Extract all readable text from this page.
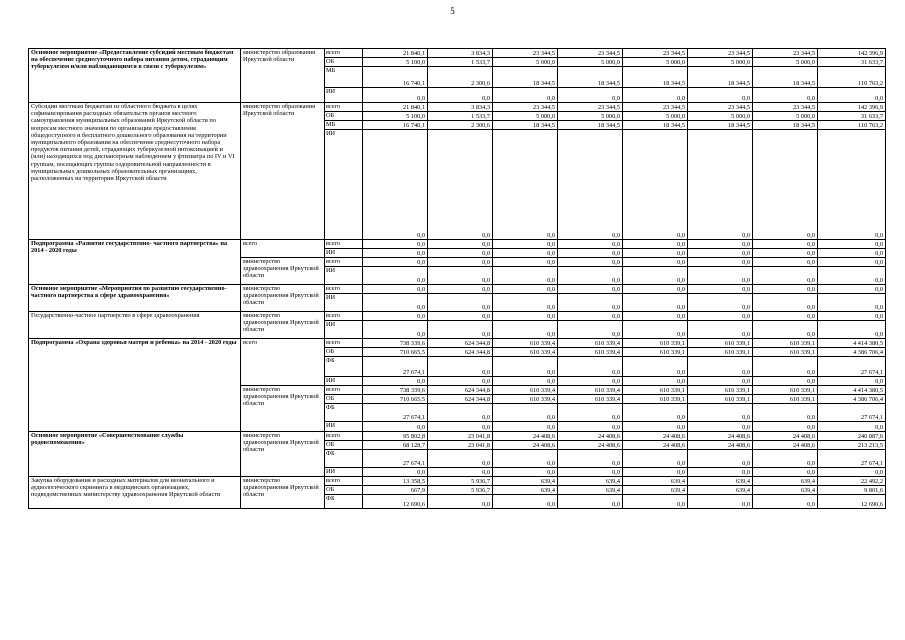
5
Основное мероприятие «Предоставление субсидий местным бюджетам на обеспечение среднесуточного набора питания детям, страдающим туберкулезом и/или наблюдающимся в связи с туберкулезом»	министерство образования Иркутской области	всего	21 840,1	3 834,3	23 344,5	23 344,5	23 344,5	23 344,5	23 344,5	142 396,9
		ОБ	5 100,0	1 533,7	5 000,0	5 000,0	5 000,0	5 000,0	5 000,0	31 633,7
		МБ	16 740,1	2 300,6	18 344,5	18 344,5	18 344,5	18 344,5	18 344,5	110 763,2
		ИИ	0,0	0,0	0,0	0,0	0,0	0,0	0,0	0,0
Субсидии местным бюджетам из областного бюджета в целях софинансирования расходных обязательств органов местного самоуправления муниципальных образований Иркутской области по вопросам местного значения по организации предоставления общедоступного и бесплатного дошкольного образования на территории муниципального образования на обеспечение среднесуточного набора продуктов питания детей, страдающих туберкулезной интоксикацией и (или) находящихся под диспансерным наблюдением у фтизиатра по IV и VI группам, посещающих группы оздоровительной направленности в муниципальных дошкольных образовательных организациях, расположенных на территории Иркутской области	министерство образования Иркутской области	всего	21 840,1	3 834,3	23 344,5	23 344,5	23 344,5	23 344,5	23 344,5	142 396,9
		ОБ	5 100,0	1 533,7	5 000,0	5 000,0	5 000,0	5 000,0	5 000,0	31 633,7
		МБ	16 740,1	2 300,6	18 344,5	18 344,5	18 344,5	18 344,5	18 344,5	110 763,2
		ИИ	0,0	0,0	0,0	0,0	0,0	0,0	0,0	0,0
Подпрограмма «Развитие государственно- частного партнерства» на 2014 - 2020 годы	всего	всего	0,0	0,0	0,0	0,0	0,0	0,0	0,0	0,0
		ИИ	0,0	0,0	0,0	0,0	0,0	0,0	0,0	0,0
	министерство здравоохранения Иркутской области	всего	0,0	0,0	0,0	0,0	0,0	0,0	0,0	0,0
		ИИ	0,0	0,0	0,0	0,0	0,0	0,0	0,0	0,0
Основное мероприятие «Мероприятия по развитию государственно-частного партнерства в сфере здравоохранения»	министерство здравоохранения Иркутской области	всего	0,0	0,0	0,0	0,0	0,0	0,0	0,0	0,0
		ИИ	0,0	0,0	0,0	0,0	0,0	0,0	0,0	0,0
Государственно-частное партнерство в сфере здравоохранения	министерство здравоохранения Иркутской области	всего	0,0	0,0	0,0	0,0	0,0	0,0	0,0	0,0
		ИИ	0,0	0,0	0,0	0,0	0,0	0,0	0,0	0,0
Подпрограмма «Охрана здоровья матери и ребенка» на 2014 - 2020 годы	всего	всего	738 339,6	624 344,8	610 339,4	610 339,4	610 339,1	610 339,1	610 339,1	4 414 380,5
		ОБ	710 665,5	624 344,8	610 339,4	610 339,4	610 339,1	610 339,1	610 339,1	4 386 706,4
		ФБ	27 674,1	0,0	0,0	0,0	0,0	0,0	0,0	27 674,1
		ИИ	0,0	0,0	0,0	0,0	0,0	0,0	0,0	0,0
	министерство здравоохранения Иркутской области	всего	738 339,6	624 344,8	610 339,4	610 339,4	610 339,1	610 339,1	610 339,1	4 414 380,5
		ОБ	710 665,5	624 344,8	610 339,4	610 339,4	610 339,1	610 339,1	610 339,1	4 386 706,4
		ФБ	27 674,1	0,0	0,0	0,0	0,0	0,0	0,0	27 674,1
		ИИ	0,0	0,0	0,0	0,0	0,0	0,0	0,0	0,0
Основное мероприятие «Совершенствование службы родовспоможения»	министерство здравоохранения Иркутской области	всего	95 802,8	23 041,8	24 408,6	24 408,6	24 408,6	24 408,6	24 408,6	240 887,6
		ОБ	68 128,7	23 041,8	24 408,6	24 408,6	24 408,6	24 408,6	24 408,6	213 213,5
		ФБ	27 674,1	0,0	0,0	0,0	0,0	0,0	0,0	27 674,1
		ИИ	0,0	0,0	0,0	0,0	0,0	0,0	0,0	0,0
Закупка оборудования и расходных материалов для неонатального и аудиологического скрининга в медицинских организациях, подведомственных министерству здравоохранения Иркутской области	министерство здравоохранения Иркутской области	всего	13 358,5	5 936,7	639,4	639,4	639,4	639,4	639,4	22 492,2
		ОБ	667,9	5 936,7	639,4	639,4	639,4	639,4	639,4	9 801,6
		ФБ	12 690,6	0,0	0,0	0,0	0,0	0,0	0,0	12 690,6
